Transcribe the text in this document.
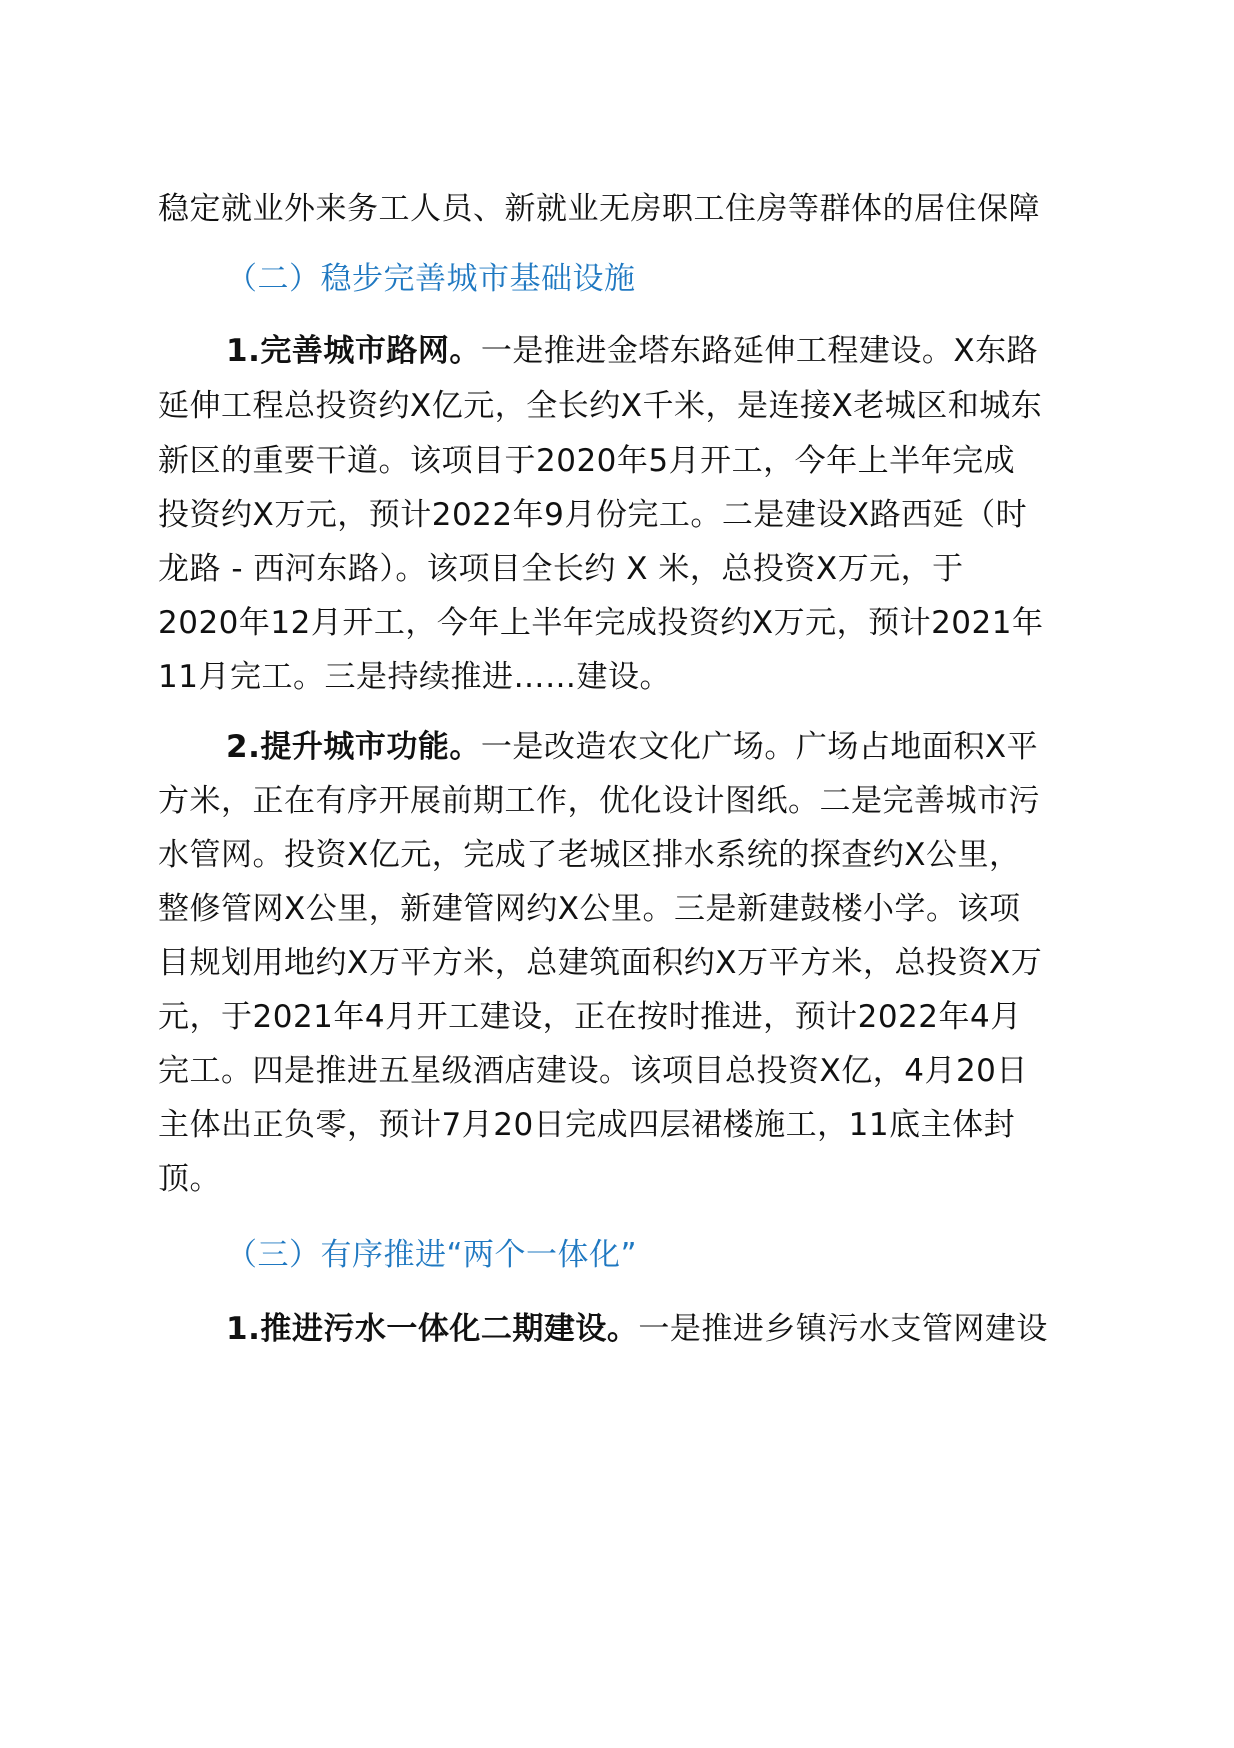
稳定就业外来务工人员、新就业无房职工住房等群体的居住保障
（二）稳步完善城市基础设施
1.完善城市路网。一是推进金塔东路延伸工程建设。X东路
延伸工程总投资约X亿元，全长约X千米，是连接X老城区和城东
新区的重要干道。该项目于2020年5月开工，今年上半年完成
投资约X万元，预计2022年9月份完工。二是建设X路西延（时
龙路 - 西河东路）。该项目全长约 X 米，总投资X万元，于
2020年12月开工，今年上半年完成投资约X万元，预计2021年
11月完工。三是持续推进……建设。
2.提升城市功能。一是改造农文化广场。广场占地面积X平
方米，正在有序开展前期工作，优化设计图纸。二是完善城市污
水管网。投资X亿元，完成了老城区排水系统的探查约X公里，
整修管网X公里，新建管网约X公里。三是新建鼓楼小学。该项
目规划用地约X万平方米，总建筑面积约X万平方米，总投资X万
元，于2021年4月开工建设，正在按时推进，预计2022年4月
完工。四是推进五星级酒店建设。该项目总投资X亿，4月20日
主体出正负零，预计7月20日完成四层裙楼施工，11底主体封
顶。
（三）有序推进“两个一体化”
1.推进污水一体化二期建设。一是推进乡镇污水支管网建设
